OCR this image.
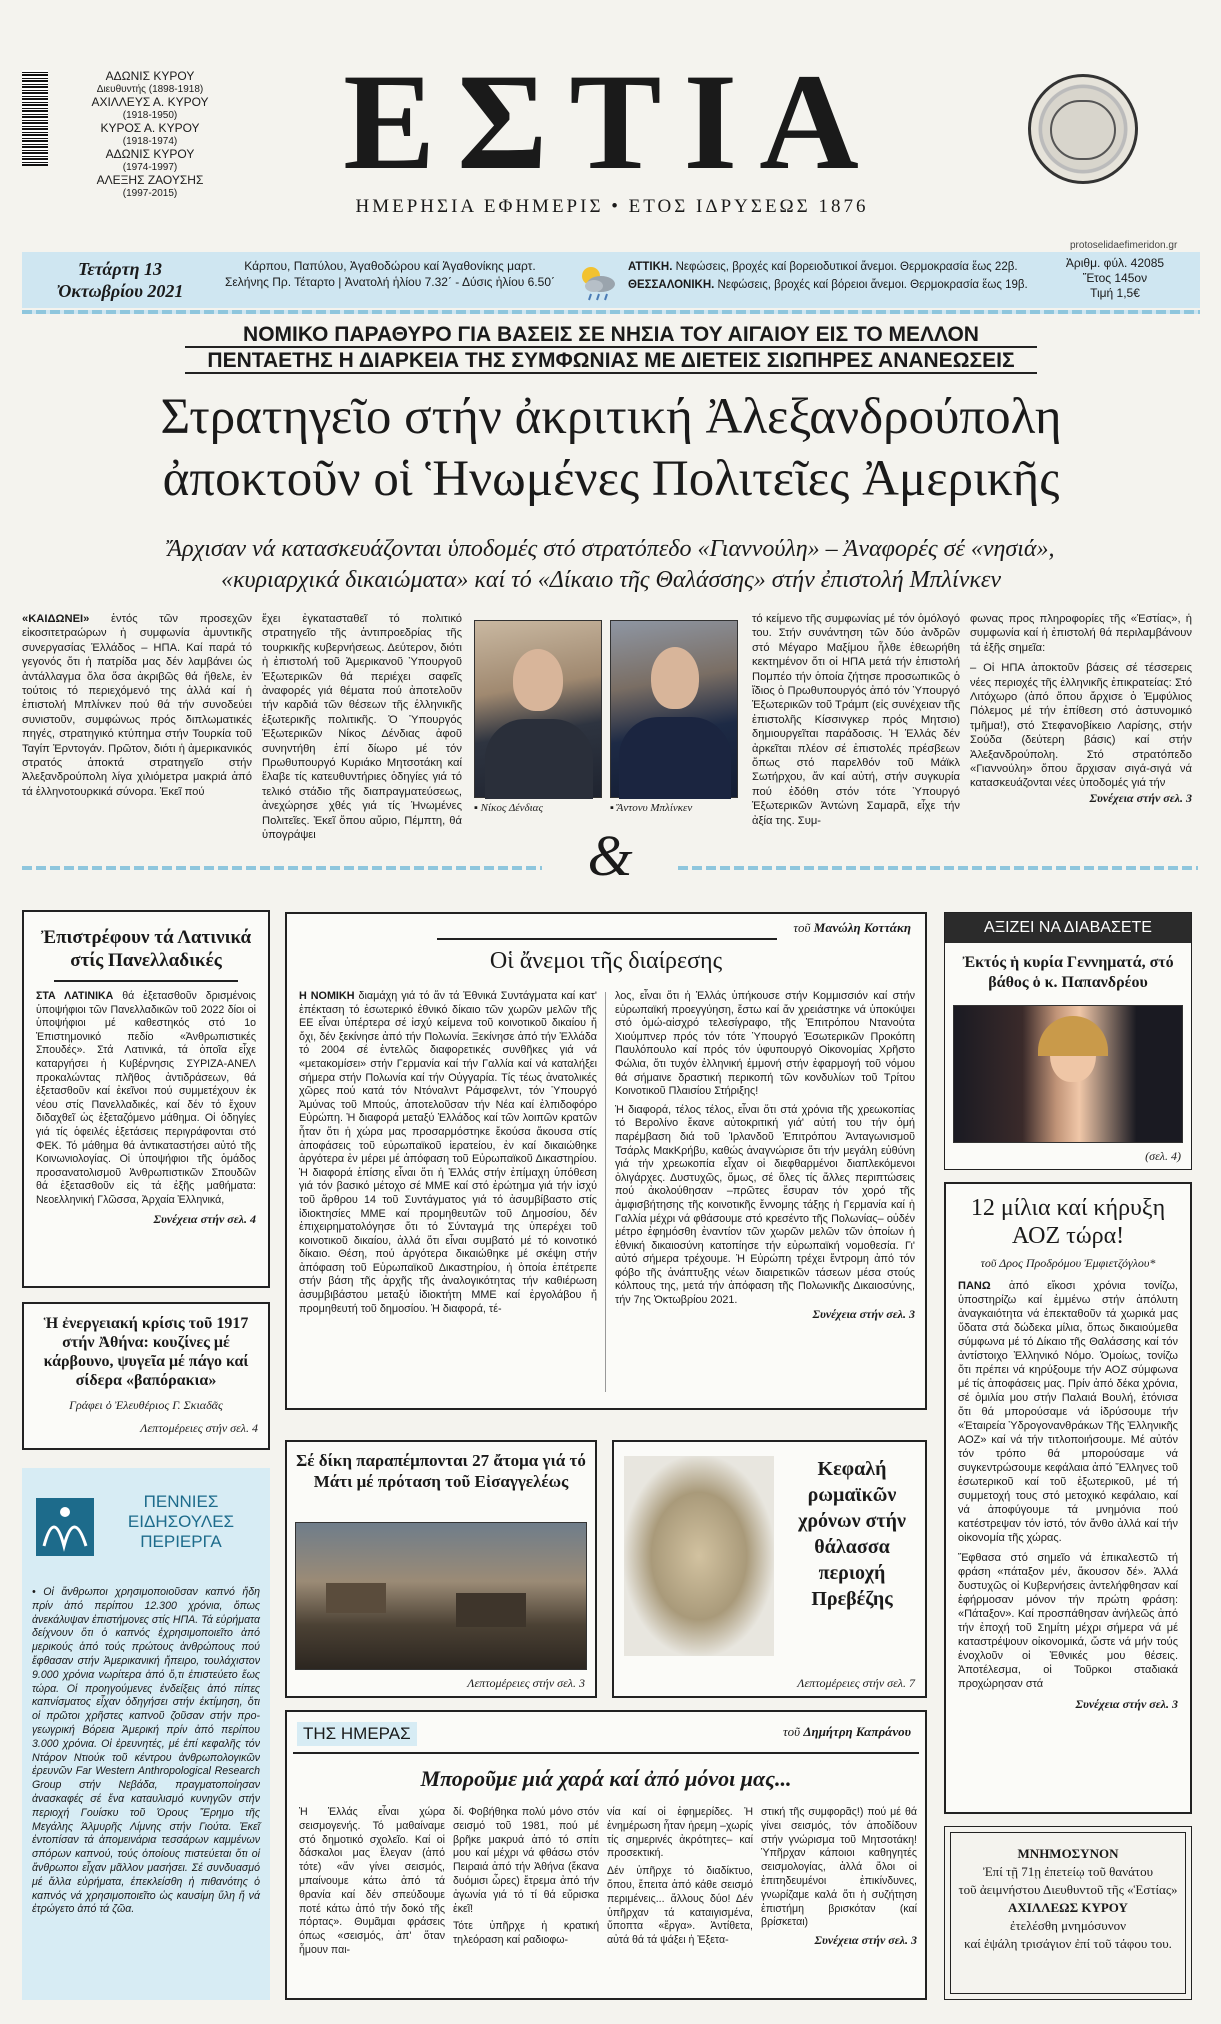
ΑΔΩΝΙΣ ΚΥΡΟΥ
Διευθυντής (1898-1918)
ΑΧΙΛΛΕΥΣ Α. ΚΥΡΟΥ
(1918-1950)
ΚΥΡΟΣ Α. ΚΥΡΟΥ
(1918-1974)
ΑΔΩΝΙΣ ΚΥΡΟΥ
(1974-1997)
ΑΛΕΞΗΣ ΖΑΟΥΣΗΣ
(1997-2015)	ΕΣΤΙΑ
ΗΜΕΡΗΣΙΑ ΕΦΗΜΕΡΙΣ • ΕΤΟΣ ΙΔΡΥΣΕΩΣ 1876
protoselidaefimeridon.gr
Τετάρτη 13
Ὀκτωβρίου 2021
Κάρπου, Παπύλου, Ἀγαθοδώρου καί Ἀγαθονίκης μαρτ.
Σελήνης Πρ. Τέταρτο | Ἀνατολή ἡλίου 7.32΄ - Δύσις ἡλίου 6.50΄
ΑΤΤΙΚΗ. Νεφώσεις, βροχές καί βορειοδυτικοί ἄνεμοι. Θερμοκρασία ἕως 22β.
ΘΕΣΣΑΛΟΝΙΚΗ. Νεφώσεις, βροχές καί βόρειοι ἄνεμοι. Θερμοκρασία ἕως 19β.
Ἀριθμ. φύλ. 42085
Ἔτος 145ον
Τιμή 1,5€
ΝΟΜΙΚΟ ΠΑΡΑΘΥΡΟ ΓΙΑ ΒΑΣΕΙΣ ΣΕ ΝΗΣΙΑ ΤΟΥ ΑΙΓΑΙΟΥ ΕΙΣ ΤΟ ΜΕΛΛΟΝ
ΠΕΝΤΑΕΤΗΣ Η ΔΙΑΡΚΕΙΑ ΤΗΣ ΣΥΜΦΩΝΙΑΣ ΜΕ ΔΙΕΤΕΙΣ ΣΙΩΠΗΡΕΣ ΑΝΑΝΕΩΣΕΙΣ
Στρατηγεῖο στήν ἀκριτική Ἀλεξανδρούπολη
ἀποκτοῦν οἱ Ἡνωμένες Πολιτεῖες Ἀμερικῆς
Ἄρχισαν νά κατασκευάζονται ὑποδομές στό στρατόπεδο «Γιαννούλη» – Ἀναφορές σέ «νησιά»,
«κυριαρχικά δικαιώματα» καί τό «Δίκαιο τῆς Θαλάσσης» στήν ἐπιστολή Μπλίνκεν
«ΚΑΙΔΩΝΕΙ» ἐντός τῶν προσεχῶν εἰκοσιτετραώρων ἡ συμφωνία ἀμυντικῆς συνεργασίας Ἑλλάδος – ΗΠΑ. Καί παρά τό γεγονός ὅτι ἡ πατρίδα μας δέν λαμβάνει ὡς ἀντάλλαγμα ὅλα ὅσα ἀκριβῶς θά ἤθελε, ἐν τούτοις τό περιεχόμενό της ἀλλά καί ἡ ἐπιστολή Μπλίνκεν πού θά τήν συνοδεύει συνιστοῦν, συμφώνως πρός διπλωματικές πηγές, στρατηγικό κτύπημα στήν Τουρκία τοῦ Ταγίπ Ἐρντογάν. Πρῶτον, διότι ἡ ἀμερικανικός στρατός ἀποκτά στρατηγεῖο στήν Ἀλεξανδρούπολη λίγα χιλιόμετρα μακριά ἀπό τά ἑλληνοτουρκικά σύνορα. Ἐκεῖ πού
ἔχει ἐγκατασταθεῖ τό πολιτικό στρατηγεῖο τῆς ἀντιπροεδρίας τῆς τουρκικῆς κυβερνήσεως. Δεύτερον, διότι ἡ ἐπιστολή τοῦ Ἀμερικανοῦ Ὑπουργοῦ Ἐξωτερικῶν θά περιέχει σαφεῖς ἀναφορές γιά θέματα πού ἀποτελοῦν τήν καρδιά τῶν θέσεων τῆς ἑλληνικῆς ἐξωτερικῆς πολιτικῆς. Ὁ Ὑπουργός Ἐξωτερικῶν Νίκος Δένδιας ἀφοῦ συνηντήθη ἐπί δίωρο μέ τόν Πρωθυπουργό Κυριάκο Μητσοτάκη καί ἔλαβε τίς κατευθυντήριες ὁδηγίες γιά τό τελικό στάδιο τῆς διαπραγματεύσεως, ἀνεχώρησε χθές γιά τίς Ἡνωμένες Πολιτεῖες. Ἐκεῖ ὅπου αὔριο, Πέμπτη, θά ὑπογράψει
▪ Νίκος Δένδιας	▪ Ἄντονυ Μπλίνκεν
τό κείμενο τῆς συμφωνίας μέ τόν ὁμόλογό του. Στήν συνάντηση τῶν δύο ἀνδρῶν στό Μέγαρο Μαξίμου ἦλθε ἐθεωρήθη κεκτημένον ὅτι οἱ ΗΠΑ μετά τήν ἐπιστολή Πομπέο τήν ὁποία ζήτησε προσωπικῶς ὁ ἴδιος ὁ Πρωθυπουργός ἀπό τόν Ὑπουργό Ἐξωτερικῶν τοῦ Τράμπ (εἰς συνέχειαν τῆς ἐπιστολῆς Κίσσινγκερ πρός Μητσιο) δημιουργεῖται παράδοσις. Ἡ Ἑλλάς δέν ἀρκεῖται πλέον σέ ἐπιστολές πρέσβεων ὅπως στό παρελθόν τοῦ Μάϊκλ Σωτήρχου, ἄν καί αὐτή, στήν συγκυρία πού ἐδόθη στόν τότε Ὑπουργό Ἐξωτερικῶν Ἀντώνη Σαμαρᾶ, εἶχε τήν ἀξία της. Συμ-
φωνας προς πληροφορίες τῆς «Ἑστίας», ἡ συμφωνία καί ἡ ἐπιστολή θά περιλαμβάνουν τά ἑξῆς σημεῖα:
– Οἱ ΗΠΑ ἀποκτοῦν βάσεις σέ τέσσερεις νέες περιοχές τῆς ἑλληνικῆς ἐπικρατείας: Στό Λιτόχωρο (ἀπό ὅπου ἄρχισε ὁ Ἐμφύλιος Πόλεμος μέ τήν ἐπίθεση στό ἀστυνομικό τμῆμα!), στό Στεφανοβίκειο Λαρίσης, στήν Σούδα (δεύτερη βάσις) καί στήν Ἀλεξανδρούπολη. Στό στρατόπεδο «Γιαννούλη» ὅπου ἄρχισαν σιγά-σιγά νά κατασκευάζονται νέες ὑποδομές γιά τήν
Συνέχεια στήν σελ. 3
&
Ἐπιστρέφουν τά Λατινικά στίς Πανελλαδικές
ΣΤΑ ΛΑΤΙΝΙΚΑ θά ἐξετασθοῦν δρισμένοις ὑποψήφιοι τῶν Πανελλαδικῶν τοῦ 2022 δίοι οἱ ὑποψήφιοι μέ καθεστηκός στό 1ο Ἐπιστημονικό πεδίο «Ἀνθρωπιστικές Σπουδές». Στά Λατινικά, τά ὁποῖα εἶχε καταργήσει ἡ Κυβέρνησις ΣΥΡΙΖΑ-ΑΝΕΛ προκαλώντας πλῆθος ἀντιδράσεων, θά ἐξετασθοῦν καί ἐκεῖνοι πού συμμετέχουν ἐκ νέου στίς Πανελλαδικές, καί δέν τό ἔχουν διδαχθεῖ ὡς ἐξεταζόμενο μάθημα. Οἱ ὁδηγίες γιά τίς ὁφειλές ἐξετάσεις περιγράφονται στό ΦΕΚ. Τό μάθημα θά ἀντικαταστήσει αὐτό τῆς Κοινωνιολογίας. Οἱ ὑποψήφιοι τῆς ὁμάδος προσανατολισμοῦ Ἀνθρωπιστικῶν Σπουδῶν θά ἐξετασθοῦν εἰς τά ἑξῆς μαθήματα: Νεοελληνική Γλῶσσα, Ἀρχαία Ἑλληνικά,
Συνέχεια στήν σελ. 4
Ἡ ἐνεργειακή κρίσις τοῦ 1917 στήν Ἀθήνα: κουζίνες μέ κάρβουνο, ψυγεῖα μέ πάγο καί σίδερα «βαπόρακια»
Γράφει ὁ Ἐλευθέριος Γ. Σκιαδᾶς
Λεπτομέρειες στήν σελ. 4
ΠΕΝΝΙΕΣ
ΕΙΔΗΣΟΥΛΕΣ
ΠΕΡΙΕΡΓΑ
• Οἱ ἄνθρωποι χρησιμοποιοῦσαν καπνό ἤδη πρίν ἀπό περίπου 12.300 χρόνια, ὅπως ἀνεκάλυψαν ἐπιστήμονες στίς ΗΠΑ. Τά εὑρήματα δείχνουν ὅτι ὁ καπνός ἐχρησιμοποιεῖτο ἀπό μερικούς ἀπό τούς πρώτους ἀνθρώπους πού ἔφθασαν στήν Ἀμερικανική ἤπειρο, τουλάχιστον 9.000 χρόνια νωρίτερα ἀπό ὅ,τι ἐπιστεύετο ἕως τώρα. Οἱ προηγούμενες ἐνδείξεις ἀπό πίπες καπνίσματος εἶχαν ὁδηγήσει στήν ἐκτίμηση, ὅτι οἱ πρῶτοι χρῆστες καπνοῦ ζοῦσαν στήν προ-γεωγρική Βόρεια Ἀμερική πρίν ἀπό περίπου 3.000 χρόνια. Οἱ ἐρευνητές, μέ ἐπί κεφαλῆς τόν Ντάρον Ντιούκ τοῦ κέντρου ἀνθρωπολογικῶν ἐρευνῶν Far Western Anthropological Research Group στήν Νεβάδα, πραγματοποίησαν ἀνασκαφές σέ ἕνα καταυλισμό κυνηγῶν στήν περιοχή Γουίσκυ τοῦ Ὁρους Ἔρημο τῆς Μεγάλης Ἁλμυρῆς Λίμνης στήν Γιούτα. Ἐκεῖ ἐντοπίσαν τά ἀπομεινάρια τεσσάρων καμμένων σπόρων καπνού, τούς ὁποίους πιστεύεται ὅτι οἱ ἄνθρωποι εἶχαν μᾶλλον μασήσει. Σέ συνδυασμό μέ ἄλλα εὑρήματα, ἐπεκλείσθη ἡ πιθανότης ὁ καπνός νά χρησιμοποιεῖτο ὡς καυσίμη ὕλη ἤ νά ἐτρώγετο ἀπό τά ζῶα.
τοῦ Μανώλη Κοττάκη
Οἱ ἄνεμοι τῆς διαίρεσης
Η ΝΟΜΙΚΗ διαμάχη γιά τό ἄν τά Ἐθνικά Συντάγματα καί κατ' ἐπέκταση τό ἐσωτερικό ἐθνικό δίκαιο τῶν χωρῶν μελῶν τῆς ΕΕ εἶναι ὑπέρτερα σέ ἰσχύ κείμενα τοῦ κοινοτικοῦ δικαίου ἤ ὄχι, δέν ξεκίνησε ἀπό τήν Πολωνία. Ξεκίνησε ἀπό τήν Ἑλλάδα τό 2004 σέ ἐντελῶς διαφορετικές συνθῆκες γιά νά «μετακομίσει» στήν Γερμανία καί τήν Γαλλία καί νά καταλήξει σήμερα στήν Πολωνία καί τήν Οὐγγαρία. Τίς τέως ἀνατολικές χῶρες πού κατά τόν Ντόναλντ Ράμσφελντ, τόν Ὑπουργό Ἀμύνας τοῦ Μπούς, ἀποτελοῦσαν τήν Νέα καί ἐλπιδοφόρο Εὐρώπη. Ἡ διαφορά μεταξύ Ἑλλάδος καί τῶν λοιπῶν κρατῶν ἦταν ὅτι ἡ χώρα μας προσαρμόστηκε ἔκούσα ἄκουσα στίς ἀποφάσεις τοῦ εὐρωπαϊκοῦ ἱερατείου, ἐν καί δικαιώθηκε ἀργότερα ἐν μέρει μέ ἀπόφαση τοῦ Εὐρωπαϊκοῦ Δικαστηρίου. Ἡ διαφορά ἐπίσης εἶναι ὅτι ἡ Ἑλλάς στήν ἐπίμαχη ὑπόθεση γιά τόν βασικό μέτοχο σέ ΜΜΕ καί στό ἐρώτημα γιά τήν ἰσχύ τοῦ ἄρθρου 14 τοῦ Συντάγματος γιά τό ἀσυμβίβαστο στίς ἰδιοκτησίες ΜΜΕ καί προμηθευτῶν τοῦ Δημοσίου, δέν ἐπιχειρηματολόγησε ὅτι τό Σύνταγμά της ὑπερέχει τοῦ κοινοτικοῦ δικαίου, ἀλλά ὅτι εἶναι συμβατό μέ τό κοινοτικό δίκαιο. Θέση, πού ἀργότερα δικαιώθηκε μέ σκέψη στήν ἀπόφαση τοῦ Εὐρωπαϊκοῦ Δικαστηρίου, ἡ ὁποία ἐπέτρεπε στήν βάση τῆς ἀρχῆς τῆς ἀναλογικότητας τήν καθιέρωση ἀσυμβιβάστου μεταξύ ἰδιοκτήτη ΜΜΕ καί ἐργολάβου ἤ προμηθευτή τοῦ δημοσίου. Ἡ διαφορά, τέ-
λος, εἶναι ὅτι ἡ Ἑλλάς ὑπήκουσε στήν Κομμισσιόν καί στήν εὐρωπαϊκή προεγγύηση, ἔστω καί ἄν χρειάστηκε νά ὑποκύψει στό ὀμώ-αἰσχρό τελεσίγραφο, τῆς Ἐπιτρόπου Ντανούτα Χιούμπνερ πρός τόν τότε Ὑπουργό Ἐσωτερικῶν Προκόπη Παυλόπουλο καί πρός τόν ὑφυπουργό Οἰκονομίας Χρῆστο Φώλια, ὅτι τυχόν ἑλληνική ἐμμονή στήν ἐφαρμογή τοῦ νόμου θά σήμαινε δραστική περικοπή τῶν κονδυλίων τοῦ Τρίτου Κοινοτικοῦ Πλαισίου Στήριξης!
Ἡ διαφορά, τέλος τέλος, εἶναι ὅτι στά χρόνια τῆς χρεωκοπίας τό Βερολίνο ἔκανε αὐτοκριτική γιά' αὐτή του τήν ὁμή παρέμβαση διά τοῦ Ἰρλανδοῦ Ἐπιτρόπου Ἀνταγωνισμοῦ Τσάρλς ΜακΚρήβυ, καθώς ἀναγνώρισε ὅτι τήν μεγάλη εὐθύνη γιά τήν χρεωκοπία εἶχαν οἱ διεφθαρμένοι διαπλεκόμενοι ὀλιγάρχες. Δυστυχῶς, ὅμως, σέ ὅλες τίς ἄλλες περιπτώσεις πού ἀκολούθησαν –πρῶτες ἔσυραν τόν χορό τῆς ἀμφισβήτησης τῆς κοινοτικῆς ἔννομης τάξης ἡ Γερμανία καί ἡ Γαλλία μέχρι νά φθάσουμε στό κρεσέντο τῆς Πολωνίας– οὐδέν μέτρο ἐφημόσθη ἐναντίον τῶν χωρῶν μελῶν τῶν ὁποίων ἡ ἐθνική δικαιοσύνη κατοπίησε τήν εὐρωπαϊκή νομοθεσία. Γι' αὐτό σήμερα τρέχουμε. Ἡ Εὐρώπη τρέχει ἔντρομη ἀπό τόν φόβο τῆς ἀνάπτυξης νέων διαιρετικῶν τάσεων μέσα στούς κόλπους της, μετά τήν ἀπόφαση τῆς Πολωνικῆς Δικαιοσύνης, τήν 7ης Ὀκτωβρίου 2021.
Συνέχεια στήν σελ. 3
ΑΞΙΖΕΙ ΝΑ ΔΙΑΒΑΣΕΤΕ
Ἐκτός ἡ κυρία Γεννηματά, στό βάθος ὁ κ. Παπανδρέου
(σελ. 4)
12 μίλια καί κήρυξη ΑΟΖ τώρα!
τοῦ Δρος Προδρόμου Ἐμφιετζόγλου*
ΠΑΝΩ ἀπό εἴκοσι χρόνια τονίζω, ὑποστηρίζω καί ἐμμένω στήν ἀπόλυτη ἀναγκαιότητα νά ἐπεκταθοῦν τά χωρικά μας ὕδατα στά δώδεκα μίλια, ὅπως δικαιούμεθα σύμφωνα μέ τό Δίκαιο τῆς Θαλάσσης καί τόν ἀντίστοιχο Ἑλληνικό Νόμο. Ὁμοίως, τονίζω ὅτι πρέπει νά κηρύξουμε τήν ΑΟΖ σύμφωνα μέ τίς ἀποφάσεις μας. Πρίν ἀπό δέκα χρόνια, σέ ὁμιλία μου στήν Παλαιά Βουλή, ἐτόνισα ὅτι θά μπορούσαμε νά ἱδρύσουμε τήν «Ἑταιρεία Ὑδρογονανθράκων Τῆς Ἑλληνικῆς ΑΟΖ» καί νά τήν τιτλοποιήσουμε. Μέ αὐτόν τόν τρόπο θά μπορούσαμε νά συγκεντρώσουμε κεφάλαια ἀπό Ἕλληνες τοῦ ἐσωτερικοῦ καί τοῦ ἐξωτερικοῦ, μέ τή συμμετοχή τους στό μετοχικό κεφάλαιο, καί νά ἀποφύγουμε τά μνημόνια πού κατέστρεψαν τόν ἱστό, τόν ἄνθο ἀλλά καί τήν οἰκονομία τῆς χώρας.
Ἔφθασα στό σημεῖο νά ἐπικαλεστῶ τή φράση «πάταξον μέν, ἄκουσον δέ». Ἀλλά δυστυχῶς οἱ Κυβερνήσεις ἀντελήφθησαν καί ἐφήρμοσαν μόνον τήν πρώτη φράση: «Πάταξον». Καί προσπάθησαν ἀνήλεῶς ἀπό τήν ἐποχή τοῦ Σημίτη μέχρι σήμερα νά μέ καταστρέψουν οἰκονομικά, ὥστε νά μήν τούς ἐνοχλοῦν οἱ Ἐθνικές μου θέσεις. Ἀποτέλεσμα, οἱ Τοῦρκοι σταδιακά προχώρησαν στά
Συνέχεια στήν σελ. 3
ΜΝΗΜΟΣΥΝΟΝ
Ἐπί τῇ 71ῃ ἐπετείῳ τοῦ θανάτου
τοῦ ἀειμνήστου Διευθυντοῦ τῆς «Ἑστίας»
ΑΧΙΛΛΕΩΣ ΚΥΡΟΥ
ἐτελέσθη μνημόσυνον
καί ἐψάλη τρισάγιον ἐπί τοῦ τάφου του.
Σέ δίκη παραπέμπονται 27 ἄτομα γιά τό Μάτι μέ πρόταση τοῦ Εἰσαγγελέως
Λεπτομέρειες στήν σελ. 3
Κεφαλή ρωμαϊκῶν χρόνων στήν θάλασσα περιοχή Πρεβέζης
Λεπτομέρειες στήν σελ. 7
ΤΗΣ ΗΜΕΡΑΣ	τοῦ Δημήτρη Καπράνου
Μποροῦμε μιά χαρά καί ἀπό μόνοι μας...
Ἡ Ἑλλάς εἶναι χώρα σεισμογενής. Τό μαθαίναμε στό δημοτικό σχολεῖο. Καί οἱ δάσκαλοι μας ἔλεγαν (ἀπό τότε) «ἄν γίνει σεισμός, μπαίνουμε κάτω ἀπό τά θρανία καί δέν σπεύδουμε ποτέ κάτω ἀπό τήν δοκό τῆς πόρτας». Θυμᾶμαι φράσεις όπως «σεισμός, ἀπ' ὅταν ἦμουν παι-
δί. Φοβήθηκα πολύ μόνο στόν σεισμό τοῦ 1981, πού μέ βρῆκε μακρυά ἀπό τό σπίτι μου καί μέχρι νά φθάσω στόν Πειραιά ἀπό τήν Ἀθήνα (ἔκανα δυόμισι ὧρες) ἔτρεμα ἀπό τήν ἀγωνία γιά τό τί θά εὕρισκα ἐκεῖ!
Τότε ὑπῆρχε ἡ κρατική τηλεόραση καί ραδιοφω-
νία καί οἱ ἐφημερίδες. Ἡ ἐνημέρωση ἦταν ἡρεμη –χωρίς τίς σημερινές ἀκρότητες– καί προσεκτική.
Δέν ὑπῆρχε τό διαδίκτυο, ὅπου, ἔπειτα ἀπό κάθε σεισμό περιμένεις... ἄλλους δύο! Δέν ὑπῆρχαν τά καταιγισμένα, ὕποπτα «ἔργα». Ἀντίθετα, αὐτά θά τά ψάξει ἡ Ἐξετα-
στική τῆς συμφορᾶς!) πού μέ θά γίνει σεισμός, τόν ἀποδίδουν στήν γνώρισμα τοῦ Μητσοτάκη! Ὑπῆρχαν κάποιοι καθηγητές σεισμολογίας, ἀλλά ὄλοι οἱ ἐπιτηδευμένοι ἐπικίνδυνες, γνωρίζαμε καλά ὅτι ἡ συζήτηση ἐπιστήμη βρισκόταν (καί βρίσκεται)
Συνέχεια στήν σελ. 3
